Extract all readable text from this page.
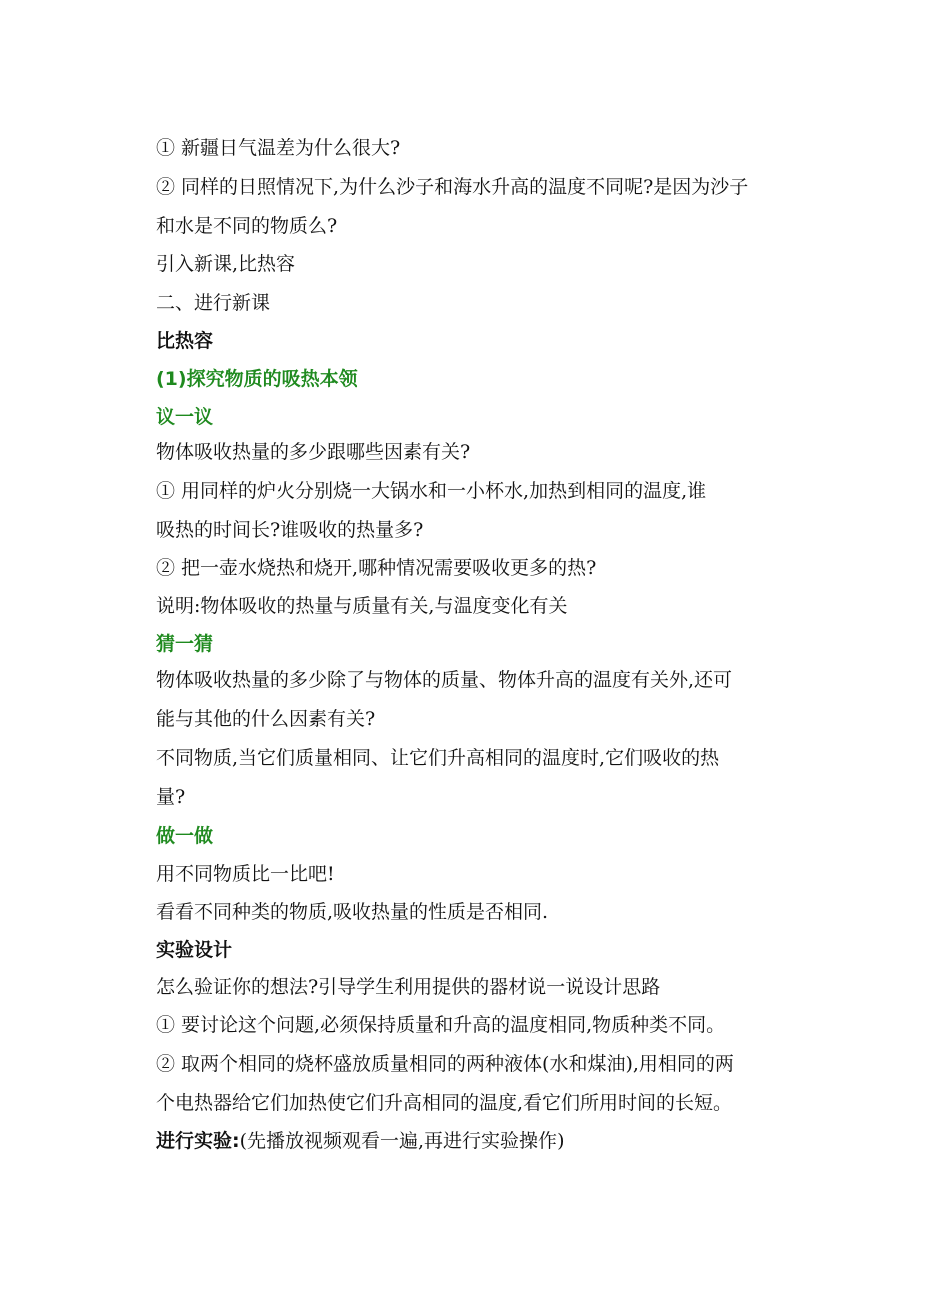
① 新疆日气温差为什么很大?
② 同样的日照情况下,为什么沙子和海水升高的温度不同呢?是因为沙子
和水是不同的物质么?
引入新课,比热容
二、进行新课
比热容
(1)探究物质的吸热本领
议一议
物体吸收热量的多少跟哪些因素有关?
① 用同样的炉火分别烧一大锅水和一小杯水,加热到相同的温度,谁
吸热的时间长?谁吸收的热量多?
② 把一壶水烧热和烧开,哪种情况需要吸收更多的热?
说明:物体吸收的热量与质量有关,与温度变化有关
猜一猜
物体吸收热量的多少除了与物体的质量、物体升高的温度有关外,还可
能与其他的什么因素有关?
不同物质,当它们质量相同、让它们升高相同的温度时,它们吸收的热
量?
做一做
用不同物质比一比吧!
看看不同种类的物质,吸收热量的性质是否相同.
实验设计
怎么验证你的想法?引导学生利用提供的器材说一说设计思路
① 要讨论这个问题,必须保持质量和升高的温度相同,物质种类不同。
② 取两个相同的烧杯盛放质量相同的两种液体(水和煤油),用相同的两
个电热器给它们加热使它们升高相同的温度,看它们所用时间的长短。
进行实验:(先播放视频观看一遍,再进行实验操作)
